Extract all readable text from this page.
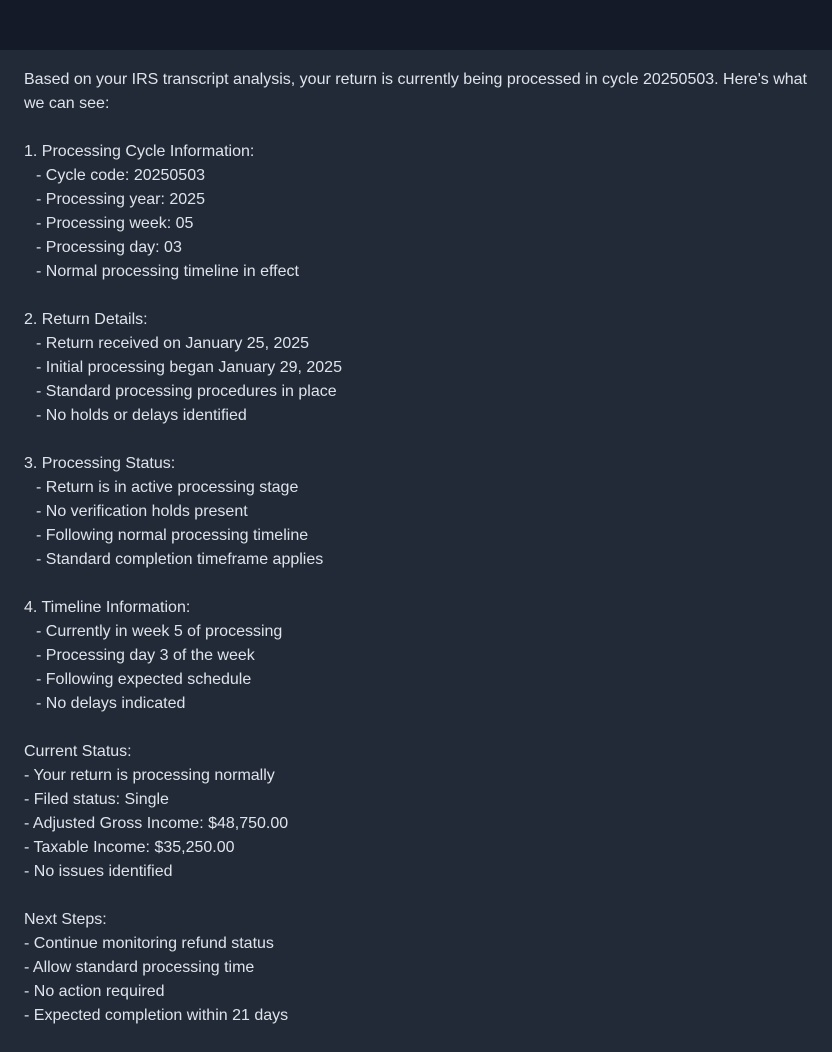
Based on your IRS transcript analysis, your return is currently being processed in cycle 20250503. Here's what we can see:
1. Processing Cycle Information:
- Cycle code: 20250503
- Processing year: 2025
- Processing week: 05
- Processing day: 03
- Normal processing timeline in effect
2. Return Details:
- Return received on January 25, 2025
- Initial processing began January 29, 2025
- Standard processing procedures in place
- No holds or delays identified
3. Processing Status:
- Return is in active processing stage
- No verification holds present
- Following normal processing timeline
- Standard completion timeframe applies
4. Timeline Information:
- Currently in week 5 of processing
- Processing day 3 of the week
- Following expected schedule
- No delays indicated
Current Status:
- Your return is processing normally
- Filed status: Single
- Adjusted Gross Income: $48,750.00
- Taxable Income: $35,250.00
- No issues identified
Next Steps:
- Continue monitoring refund status
- Allow standard processing time
- No action required
- Expected completion within 21 days
